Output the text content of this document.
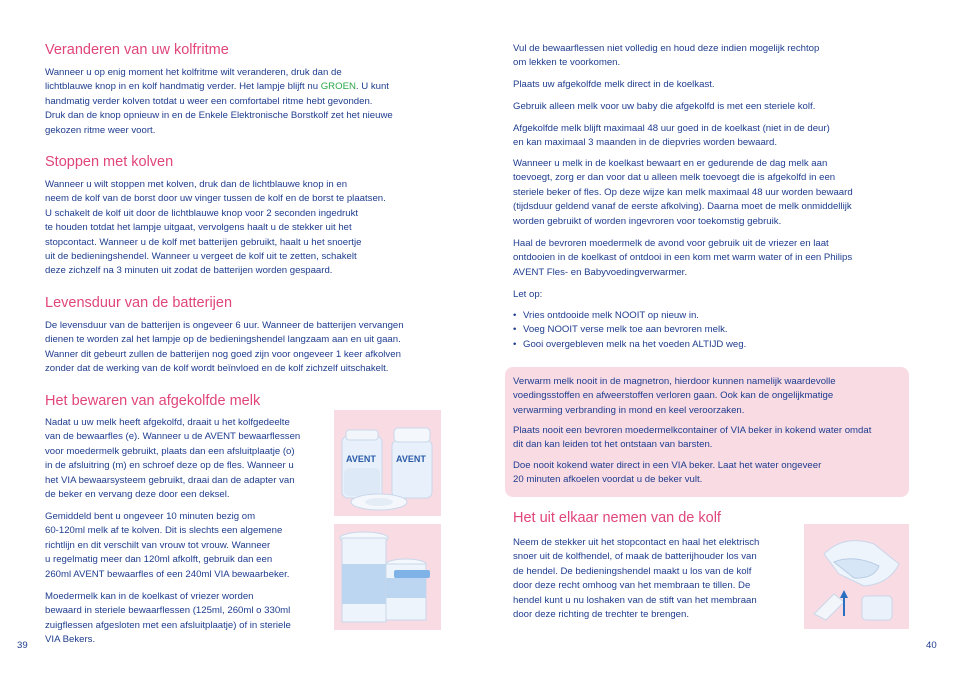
Veranderen van uw kolfritme
Wanneer u op enig moment het kolfritme wilt veranderen, druk dan de
lichtblauwe knop in en kolf handmatig verder. Het lampje blijft nu GROEN. U kunt
handmatig verder kolven totdat u weer een comfortabel ritme hebt gevonden.
Druk dan de knop opnieuw in en de Enkele Elektronische Borstkolf zet het nieuwe
gekozen ritme weer voort.
Stoppen met kolven
Wanneer u wilt stoppen met kolven, druk dan de lichtblauwe knop in en
neem de kolf van de borst door uw vinger tussen de kolf en de borst te plaatsen.
U schakelt de kolf uit door de lichtblauwe knop voor 2 seconden ingedrukt
te houden totdat het lampje uitgaat, vervolgens haalt u de stekker uit het
stopcontact. Wanneer u de kolf met batterijen gebruikt, haalt u het snoertje
uit de bedieningshendel. Wanneer u vergeet de kolf uit te zetten, schakelt
deze zichzelf na 3 minuten uit zodat de batterijen worden gespaard.
Levensduur van de batterijen
De levensduur van de batterijen is ongeveer 6 uur. Wanneer de batterijen vervangen
dienen te worden zal het lampje op de bedieningshendel langzaam aan en uit gaan.
Wanner dit gebeurt zullen de batterijen nog goed zijn voor ongeveer 1 keer afkolven
zonder dat de werking van de kolf wordt beïnvloed en de kolf zichzelf uitschakelt.
Het bewaren van afgekolfde melk
Nadat u uw melk heeft afgekolfd, draait u het kolfgedeelte
van de bewaarfles (e). Wanneer u de AVENT bewaarflessen
voor moedermelk gebruikt, plaats dan een afsluitplaatje (o)
in de afsluitring (m) en schroef deze op de fles. Wanneer u
het VIA bewaarsysteem gebruikt, draai dan de adapter van
de beker en vervang deze door een deksel.
Gemiddeld bent u ongeveer 10 minuten bezig om
60-120ml melk af te kolven. Dit is slechts een algemene
richtlijn en dit verschilt van vrouw tot vrouw. Wanneer
u regelmatig meer dan 120ml afkolft, gebruik dan een
260ml AVENT bewaarfles of een 240ml VIA bewaarbeker.
Moedermelk kan in de koelkast of vriezer worden
bewaard in steriele bewaarflessen (125ml, 260ml o 330ml
zuigflessen afgesloten met een afsluitplaatje) of in steriele
VIA Bekers.
AVENT AVENT
39
Vul de bewaarflessen niet volledig en houd deze indien mogelijk rechtop
om lekken te voorkomen.
Plaats uw afgekolfde melk direct in de koelkast.
Gebruik alleen melk voor uw baby die afgekolfd is met een steriele kolf.
Afgekolfde melk blijft maximaal 48 uur goed in de koelkast (niet in de deur)
en kan maximaal 3 maanden in de diepvries worden bewaard.
Wanneer u melk in de koelkast bewaart en er gedurende de dag melk aan
toevoegt, zorg er dan voor dat u alleen melk toevoegt die is afgekolfd in een
steriele beker of fles. Op deze wijze kan melk maximaal 48 uur worden bewaard
(tijdsduur geldend vanaf de eerste afkolving). Daarna moet de melk onmiddellijk
worden gebruikt of worden ingevroren voor toekomstig gebruik.
Haal de bevroren moedermelk de avond voor gebruik uit de vriezer en laat
ontdooien in de koelkast of ontdooi in een kom met warm water of in een Philips
AVENT Fles- en Babyvoedingverwarmer.
Let op:
• Vries ontdooide melk NOOIT op nieuw in.
• Voeg NOOIT verse melk toe aan bevroren melk.
• Gooi overgebleven melk na het voeden ALTIJD weg.
Verwarm melk nooit in de magnetron, hierdoor kunnen namelijk waardevolle
voedingsstoffen en afweerstoffen verloren gaan. Ook kan de ongelijkmatige
verwarming verbranding in mond en keel veroorzaken.
Plaats nooit een bevroren moedermelkcontainer of VIA beker in kokend water omdat
dit dan kan leiden tot het ontstaan van barsten.
Doe nooit kokend water direct in een VIA beker. Laat het water ongeveer
20 minuten afkoelen voordat u de beker vult.
Het uit elkaar nemen van de kolf
Neem de stekker uit het stopcontact en haal het elektrisch
snoer uit de kolfhendel, of maak de batterijhouder los van
de hendel. De bedieningshendel maakt u los van de kolf
door deze recht omhoog van het membraan te tillen. De
hendel kunt u nu loshaken van de stift van het membraan
door deze richting de trechter te brengen.
40
